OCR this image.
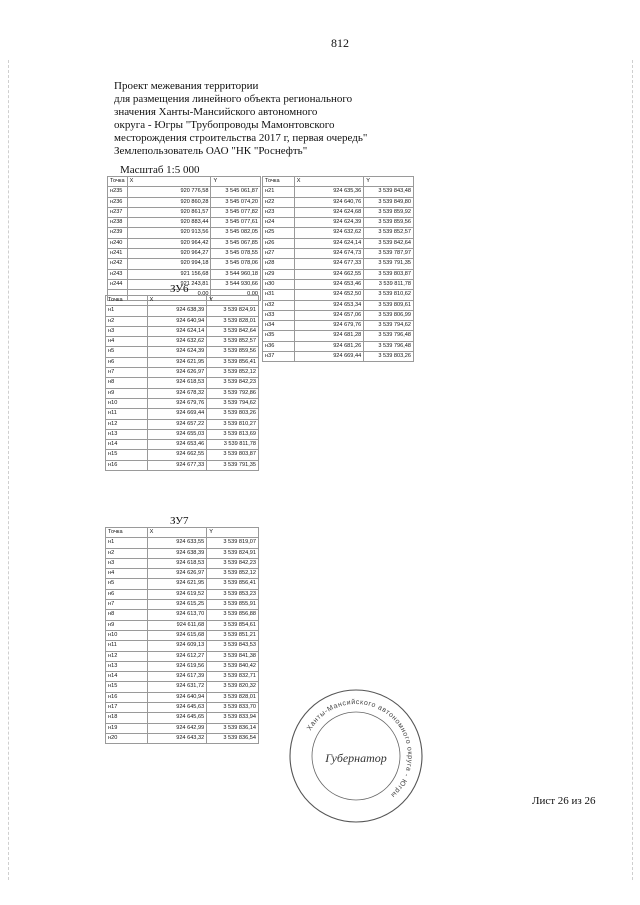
812
Проект межевания территории
для размещения линейного объекта регионального
значения Ханты-Мансийского автономного
округа - Югры "Трубопроводы Мамонтовского
месторождения строительства 2017 г, первая очередь"
Землепользователь ОАО "НК "Роснефть"
Масштаб 1:5 000
Точка	X	Y
н235	920 776,58	3 545 061,87
н236	920 860,28	3 545 074,20
н237	920 861,57	3 545 077,82
н238	920 883,44	3 545 077,61
н239	920 913,56	3 545 082,05
н240	920 964,42	3 545 067,85
н241	920 964,27	3 545 078,55
н242	920 994,18	3 545 078,06
н243	921 156,68	3 544 960,18
н244	921 243,81	3 544 930,66
	0,00	0,00
Точка	X	Y
н21	924 635,36	3 539 843,48
н22	924 640,76	3 539 849,80
н23	924 624,68	3 539 859,92
н24	924 624,39	3 539 859,56
н25	924 632,62	3 539 852,57
н26	924 624,14	3 539 842,64
н27	924 674,73	3 539 787,97
н28	924 677,33	3 539 791,35
н29	924 662,55	3 539 803,87
н30	924 653,46	3 539 811,78
н31	924 652,50	3 539 810,62
н32	924 653,34	3 539 809,61
н33	924 657,06	3 539 806,99
н34	924 679,76	3 539 794,62
н35	924 681,28	3 539 796,48
н36	924 681,26	3 539 796,48
н37	924 669,44	3 539 803,26
ЗУ6
Точка	X	Y
н1	924 638,39	3 539 824,91
н2	924 640,94	3 539 828,01
н3	924 624,14	3 539 842,64
н4	924 632,62	3 539 852,57
н5	924 624,39	3 539 859,56
н6	924 621,95	3 539 856,41
н7	924 626,97	3 539 852,12
н8	924 618,53	3 539 842,23
н9	924 678,32	3 539 792,86
н10	924 679,76	3 539 794,62
н11	924 669,44	3 539 803,26
н12	924 657,22	3 539 810,27
н13	924 655,03	3 539 813,69
н14	924 653,46	3 539 811,78
н15	924 662,55	3 539 803,87
н16	924 677,33	3 539 791,35
ЗУ7
Точка	X	Y
н1	924 633,55	3 539 819,07
н2	924 638,39	3 539 824,91
н3	924 618,53	3 539 842,23
н4	924 626,97	3 539 852,12
н5	924 621,95	3 539 856,41
н6	924 619,52	3 539 853,23
н7	924 615,25	3 539 855,91
н8	924 613,70	3 539 856,88
н9	924 611,68	3 539 854,61
н10	924 615,68	3 539 851,21
н11	924 609,13	3 539 843,53
н12	924 612,27	3 539 841,38
н13	924 619,56	3 539 840,42
н14	924 617,39	3 539 832,71
н15	924 631,72	3 539 820,32
н16	924 640,94	3 539 828,01
н17	924 645,63	3 539 833,70
н18	924 645,65	3 539 833,94
н19	924 642,99	3 539 836,14
н20	924 643,32	3 539 836,54
Ханты-Мансийского автономного округа - Югры
Губернатор
Лист 26 из 26
